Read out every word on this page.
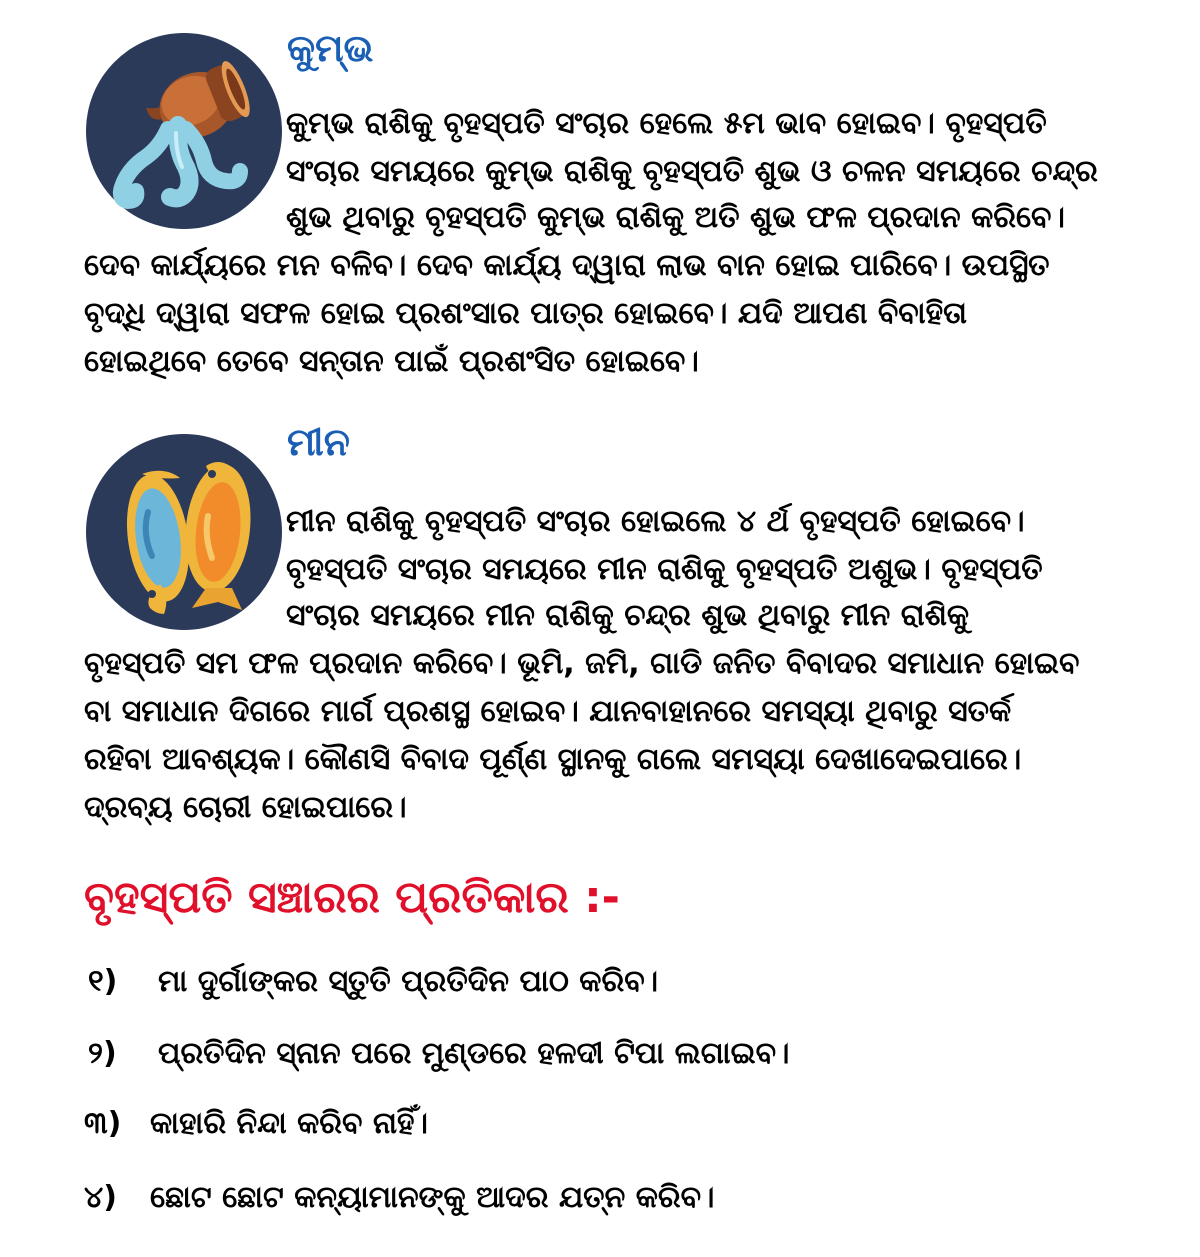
କୁମ୍ଭ

କୁମ୍ଭ ରାଶିକୁ ବୃହସ୍ପତି ସଂଚାର ହେଲେ ୫ମ ଭାବ ହୋଇବ। ବୃହସ୍ପତି

ସଂଚାର ସମୟରେ କୁମ୍ଭ ରାଶିକୁ ବୃହସ୍ପତି ଶୁଭ ଓ ଚଳନ ସମୟରେ ଚନ୍ଦ୍ର

ଶୁଭ ଥିବାରୁ ବୃହସ୍ପତି କୁମ୍ଭ ରାଶିକୁ ଅତି ଶୁଭ ଫଳ ପ୍ରଦାନ କରିବେ।

ଦେବ କାର୍ଯ୍ୟରେ ମନ ବଳିବ। ଦେବ କାର୍ଯ୍ୟ ଦ୍ୱାରା ଲାଭ ବାନ ହୋଇ ପାରିବେ। ଉପସ୍ଥିତ

ବୃଦ୍ଧି ଦ୍ୱାରା ସଫଳ ହୋଇ ପ୍ରଶଂସାର ପାତ୍ର ହୋଇବେ। ଯଦି ଆପଣ ବିବାହିତା

ହୋଇଥିବେ ତେବେ ସନ୍ତାନ ପାଇଁ ପ୍ରଶଂସିତ ହୋଇବେ।

ମୀନ

ମୀନ ରାଶିକୁ ବୃହସ୍ପତି ସଂଚାର ହୋଇଲେ ୪ ର୍ଥ ବୃହସ୍ପତି ହୋଇବେ।

ବୃହସ୍ପତି ସଂଚାର ସମୟରେ ମୀନ ରାଶିକୁ ବୃହସ୍ପତି ଅଶୁଭ। ବୃହସ୍ପତି

ସଂଚାର ସମୟରେ ମୀନ ରାଶିକୁ ଚନ୍ଦ୍ର ଶୁଭ ଥିବାରୁ ମୀନ ରାଶିକୁ

ବୃହସ୍ପତି ସମ ଫଳ ପ୍ରଦାନ କରିବେ। ଭୂମି, ଜମି, ଗାଡି ଜନିତ ବିବାଦର ସମାଧାନ ହୋଇବ

ବା ସମାଧାନ ଦିଗରେ ମାର୍ଗ ପ୍ରଶସ୍ଥ ହୋଇବ। ଯାନବାହାନରେ ସମସ୍ୟା ଥିବାରୁ ସତର୍କ

ରହିବା ଆବଶ୍ୟକ। କୌଣସି ବିବାଦ ପୂର୍ଣ୍ଣ ସ୍ଥାନକୁ ଗଲେ ସମସ୍ୟା ଦେଖାଦେଇପାରେ।

ଦ୍ରବ୍ୟ ଚୋରୀ ହୋଇପାରେ।

ବୃହସ୍ପତି ସଞ୍ଚାରର ପ୍ରତିକାର :-
୧) ମା ଦୁର୍ଗାଙ୍କର ସ୍ତୁତି ପ୍ରତିଦିନ ପାଠ କରିବ।
୨) ପ୍ରତିଦିନ ସ୍ନାନ ପରେ ମୁଣ୍ଡରେ ହଳଦୀ ଟିପା ଲଗାଇବ।
୩) କାହାରି ନିନ୍ଦା କରିବ ନାହିଁ।
୪) ଛୋଟ ଛୋଟ କନ୍ୟାମାନଙ୍କୁ ଆଦର ଯତ୍ନ କରିବ।
